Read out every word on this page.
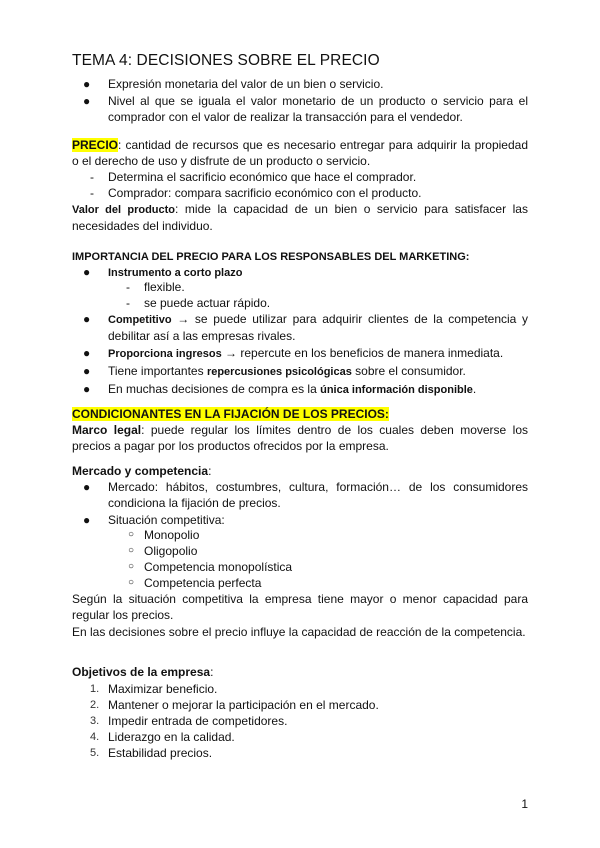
TEMA 4: DECISIONES SOBRE EL PRECIO
● Expresión monetaria del valor de un bien o servicio.
● Nivel al que se iguala el valor monetario de un producto o servicio para el comprador con el valor de realizar la transacción para el vendedor.

PRECIO: cantidad de recursos que es necesario entregar para adquirir la propiedad o el derecho de uso y disfrute de un producto o servicio.

- Determina el sacrificio económico que hace el comprador.
- Comprador: compara sacrificio económico con el producto.

Valor del producto: mide la capacidad de un bien o servicio para satisfacer las necesidades del individuo.

IMPORTANCIA DEL PRECIO PARA LOS RESPONSABLES DEL MARKETING:
● Instrumento a corto plazo
- flexible.
- se puede actuar rápido.
● Competitivo → se puede utilizar para adquirir clientes de la competencia y debilitar así a las empresas rivales.
● Proporciona ingresos → repercute en los beneficios de manera inmediata.
● Tiene importantes repercusiones psicológicas sobre el consumidor.
● En muchas decisiones de compra es la única información disponible.
CONDICIONANTES EN LA FIJACIÓN DE LOS PRECIOS:

Marco legal: puede regular los límites dentro de los cuales deben moverse los precios a pagar por los productos ofrecidos por la empresa.

Mercado y competencia:
● Mercado: hábitos, costumbres, cultura, formación… de los consumidores condiciona la fijación de precios.
● Situación competitiva:
○ Monopolio
○ Oligopolio
○ Competencia monopolística
○ Competencia perfecta

Según la situación competitiva la empresa tiene mayor o menor capacidad para regular los precios.

En las decisiones sobre el precio influye la capacidad de reacción de la competencia.

Objetivos de la empresa:
1. Maximizar beneficio.
2. Mantener o mejorar la participación en el mercado.
3. Impedir entrada de competidores.
4. Liderazgo en la calidad.
5. Estabilidad precios.
1
